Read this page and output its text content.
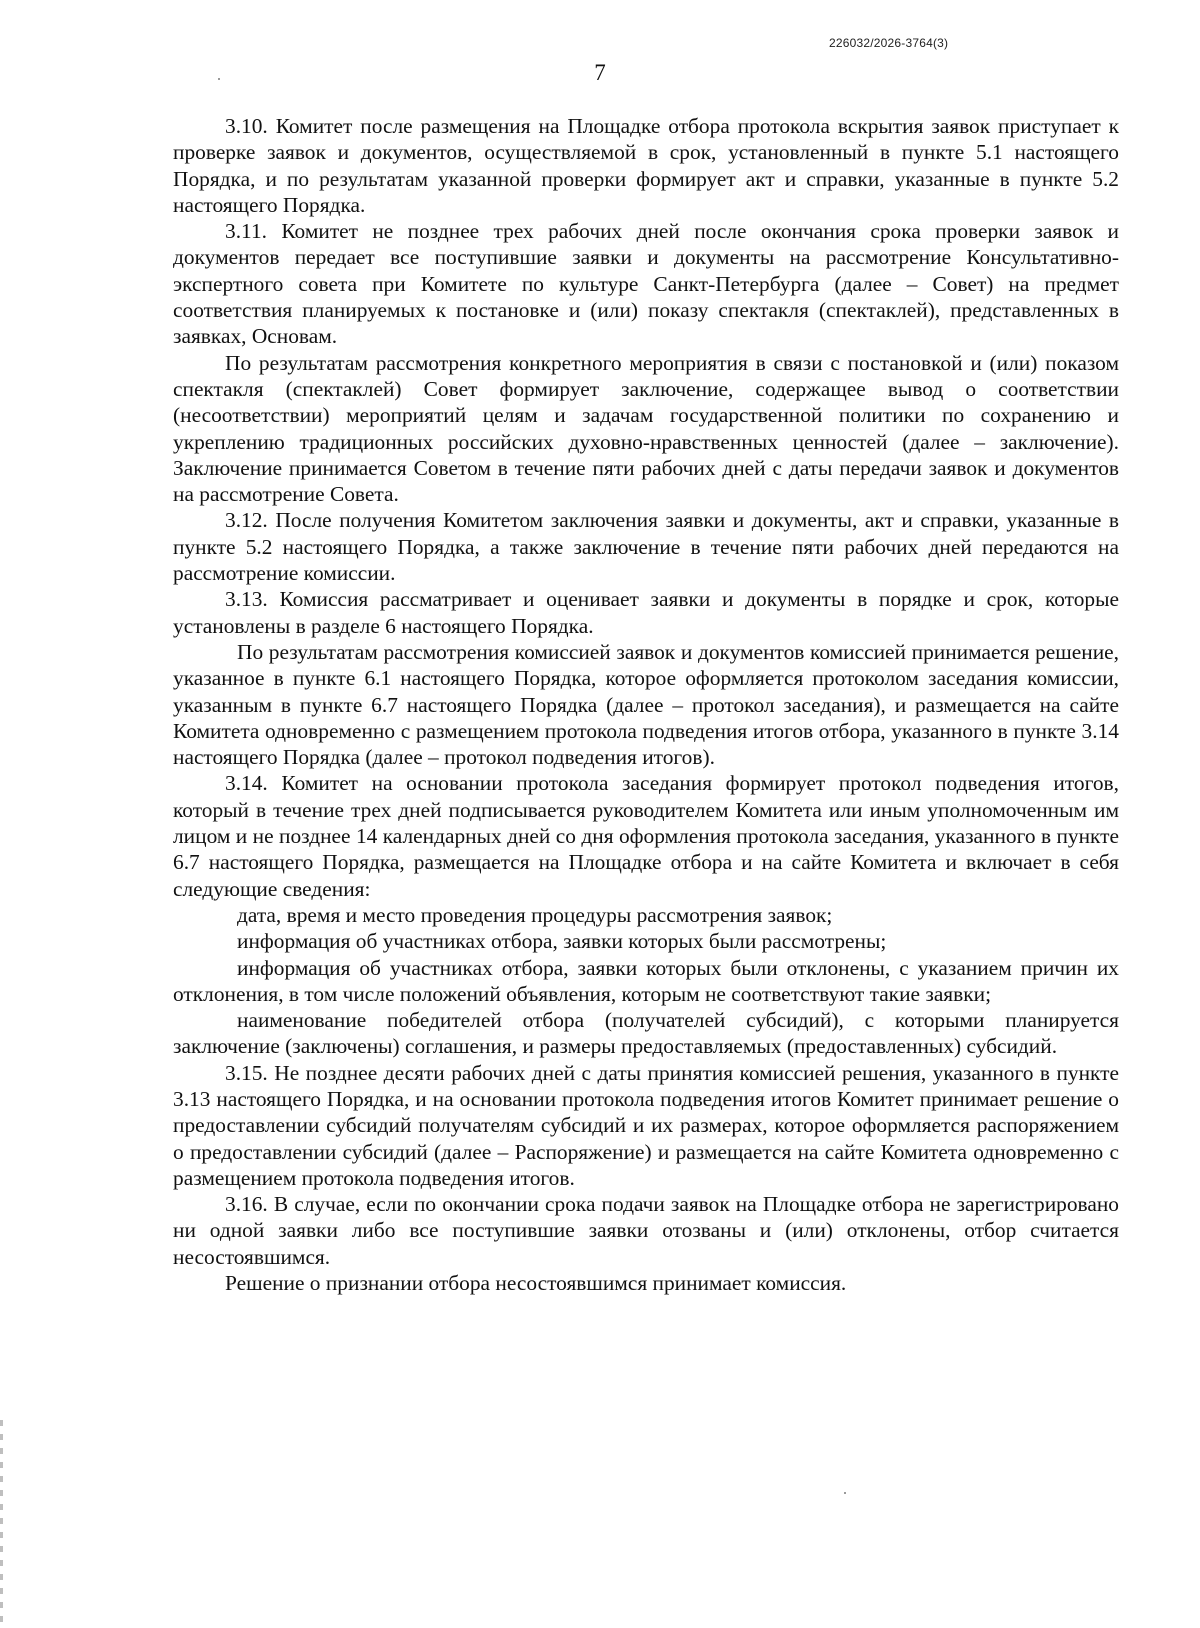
226032/2026-3764(3)
7

3.10. Комитет после размещения на Площадке отбора протокола вскрытия заявок приступает к проверке заявок и документов, осуществляемой в срок, установленный в пункте 5.1 настоящего Порядка, и по результатам указанной проверки формирует акт и справки, указанные в пункте 5.2 настоящего Порядка.

3.11. Комитет не позднее трех рабочих дней после окончания срока проверки заявок и документов передает все поступившие заявки и документы на рассмотрение Консультативно-экспертного совета при Комитете по культуре Санкт-Петербурга (далее – Совет) на предмет соответствия планируемых к постановке и (или) показу спектакля (спектаклей), представленных в заявках, Основам.

По результатам рассмотрения конкретного мероприятия в связи с постановкой и (или) показом спектакля (спектаклей) Совет формирует заключение, содержащее вывод о соответствии (несоответствии) мероприятий целям и задачам государственной политики по сохранению и укреплению традиционных российских духовно-нравственных ценностей (далее – заключение). Заключение принимается Советом в течение пяти рабочих дней с даты передачи заявок и документов на рассмотрение Совета.

3.12. После получения Комитетом заключения заявки и документы, акт и справки, указанные в пункте 5.2 настоящего Порядка, а также заключение в течение пяти рабочих дней передаются на рассмотрение комиссии.

3.13. Комиссия рассматривает и оценивает заявки и документы в порядке и срок, которые установлены в разделе 6 настоящего Порядка.

По результатам рассмотрения комиссией заявок и документов комиссией принимается решение, указанное в пункте 6.1 настоящего Порядка, которое оформляется протоколом заседания комиссии, указанным в пункте 6.7 настоящего Порядка (далее – протокол заседания), и размещается на сайте Комитета одновременно с размещением протокола подведения итогов отбора, указанного в пункте 3.14 настоящего Порядка (далее – протокол подведения итогов).

3.14. Комитет на основании протокола заседания формирует протокол подведения итогов, который в течение трех дней подписывается руководителем Комитета или иным уполномоченным им лицом и не позднее 14 календарных дней со дня оформления протокола заседания, указанного в пункте 6.7 настоящего Порядка, размещается на Площадке отбора и на сайте Комитета и включает в себя следующие сведения:

дата, время и место проведения процедуры рассмотрения заявок;

информация об участниках отбора, заявки которых были рассмотрены;

информация об участниках отбора, заявки которых были отклонены, с указанием причин их отклонения, в том числе положений объявления, которым не соответствуют такие заявки;

наименование победителей отбора (получателей субсидий), с которыми планируется заключение (заключены) соглашения, и размеры предоставляемых (предоставленных) субсидий.

3.15. Не позднее десяти рабочих дней с даты принятия комиссией решения, указанного в пункте 3.13 настоящего Порядка, и на основании протокола подведения итогов Комитет принимает решение о предоставлении субсидий получателям субсидий и их размерах, которое оформляется распоряжением о предоставлении субсидий (далее – Распоряжение) и размещается на сайте Комитета одновременно с размещением протокола подведения итогов.

3.16. В случае, если по окончании срока подачи заявок на Площадке отбора не зарегистрировано ни одной заявки либо все поступившие заявки отозваны и (или) отклонены, отбор считается несостоявшимся.

Решение о признании отбора несостоявшимся принимает комиссия.
